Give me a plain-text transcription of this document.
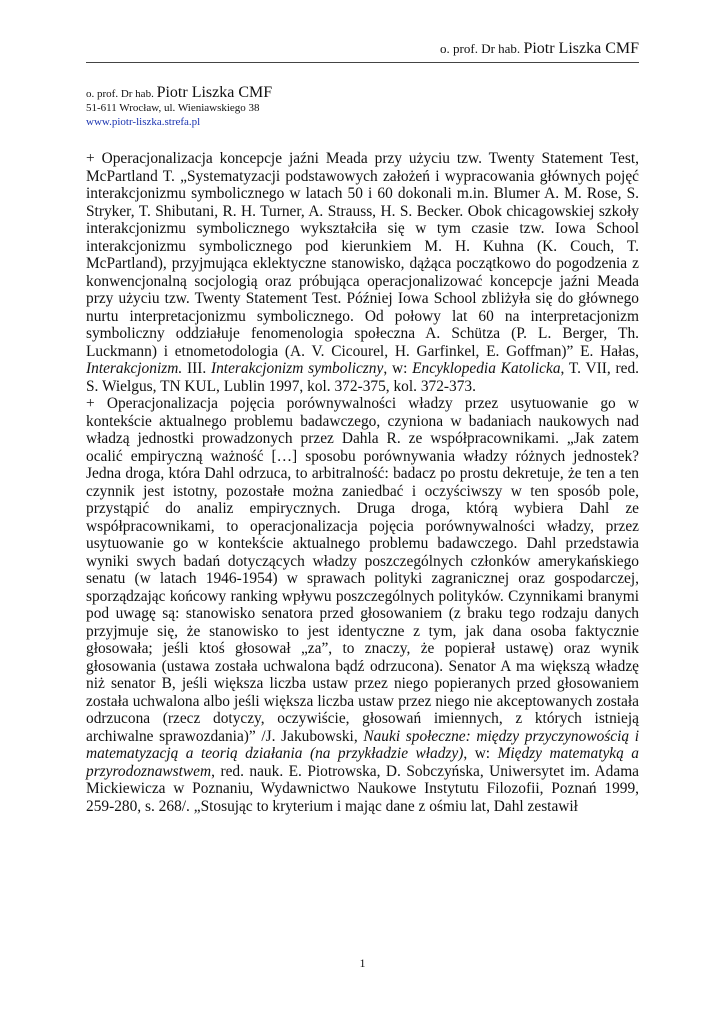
o. prof. Dr hab. Piotr Liszka CMF
o. prof. Dr hab. Piotr Liszka CMF
51-611 Wrocław, ul. Wieniawskiego 38
www.piotr-liszka.strefa.pl

+ Operacjonalizacja koncepcje jaźni Meada przy użyciu tzw. Twenty Statement Test, McPartland T. „Systematyzacji podstawowych założeń i wypracowania głównych pojęć interakcjonizmu symbolicznego w latach 50 i 60 dokonali m.in. Blumer A. M. Rose, S. Stryker, T. Shibutani, R. H. Turner, A. Strauss, H. S. Becker. Obok chicagowskiej szkoły interakcjonizmu symbolicznego wykształciła się w tym czasie tzw. Iowa School interakcjonizmu symbolicznego pod kierunkiem M. H. Kuhna (K. Couch, T. McPartland), przyjmująca eklektyczne stanowisko, dążąca początkowo do pogodzenia z konwencjonalną socjologią oraz próbująca operacjonalizować koncepcje jaźni Meada przy użyciu tzw. Twenty Statement Test. Później Iowa School zbliżyła się do głównego nurtu interpretacjonizmu symbolicznego. Od połowy lat 60 na interpretacjonizm symboliczny oddziałuje fenomenologia społeczna A. Schütza (P. L. Berger, Th. Luckmann) i etnometodologia (A. V. Cicourel, H. Garfinkel, E. Goffman)” E. Hałas, Interakcjonizm. III. Interakcjonizm symboliczny, w: Encyklopedia Katolicka, T. VII, red. S. Wielgus, TN KUL, Lublin 1997, kol. 372-375, kol. 372-373.

+ Operacjonalizacja pojęcia porównywalności władzy przez usytuowanie go w kontekście aktualnego problemu badawczego, czyniona w badaniach naukowych nad władzą jednostki prowadzonych przez Dahla R. ze współpracownikami. „Jak zatem ocalić empiryczną ważność […] sposobu porównywania władzy różnych jednostek? Jedna droga, która Dahl odrzuca, to arbitralność: badacz po prostu dekretuje, że ten a ten czynnik jest istotny, pozostałe można zaniedbać i oczyściwszy w ten sposób pole, przystąpić do analiz empirycznych. Druga droga, którą wybiera Dahl ze współpracownikami, to operacjonalizacja pojęcia porównywalności władzy, przez usytuowanie go w kontekście aktualnego problemu badawczego. Dahl przedstawia wyniki swych badań dotyczących władzy poszczególnych członków amerykańskiego senatu (w latach 1946-1954) w sprawach polityki zagranicznej oraz gospodarczej, sporządzając końcowy ranking wpływu poszczególnych polityków. Czynnikami branymi pod uwagę są: stanowisko senatora przed głosowaniem (z braku tego rodzaju danych przyjmuje się, że stanowisko to jest identyczne z tym, jak dana osoba faktycznie głosowała; jeśli ktoś głosował „za”, to znaczy, że popierał ustawę) oraz wynik głosowania (ustawa została uchwalona bądź odrzucona). Senator A ma większą władzę niż senator B, jeśli większa liczba ustaw przez niego popieranych przed głosowaniem została uchwalona albo jeśli większa liczba ustaw przez niego nie akceptowanych została odrzucona (rzecz dotyczy, oczywiście, głosowań imiennych, z których istnieją archiwalne sprawozdania)” /J. Jakubowski, Nauki społeczne: między przyczynowością i matematyzacją a teorią działania (na przykładzie władzy), w: Między matematyką a przyrodoznawstwem, red. nauk. E. Piotrowska, D. Sobczyńska, Uniwersytet im. Adama Mickiewicza w Poznaniu, Wydawnictwo Naukowe Instytutu Filozofii, Poznań 1999, 259-280, s. 268/. „Stosując to kryterium i mając dane z ośmiu lat, Dahl zestawił

1
